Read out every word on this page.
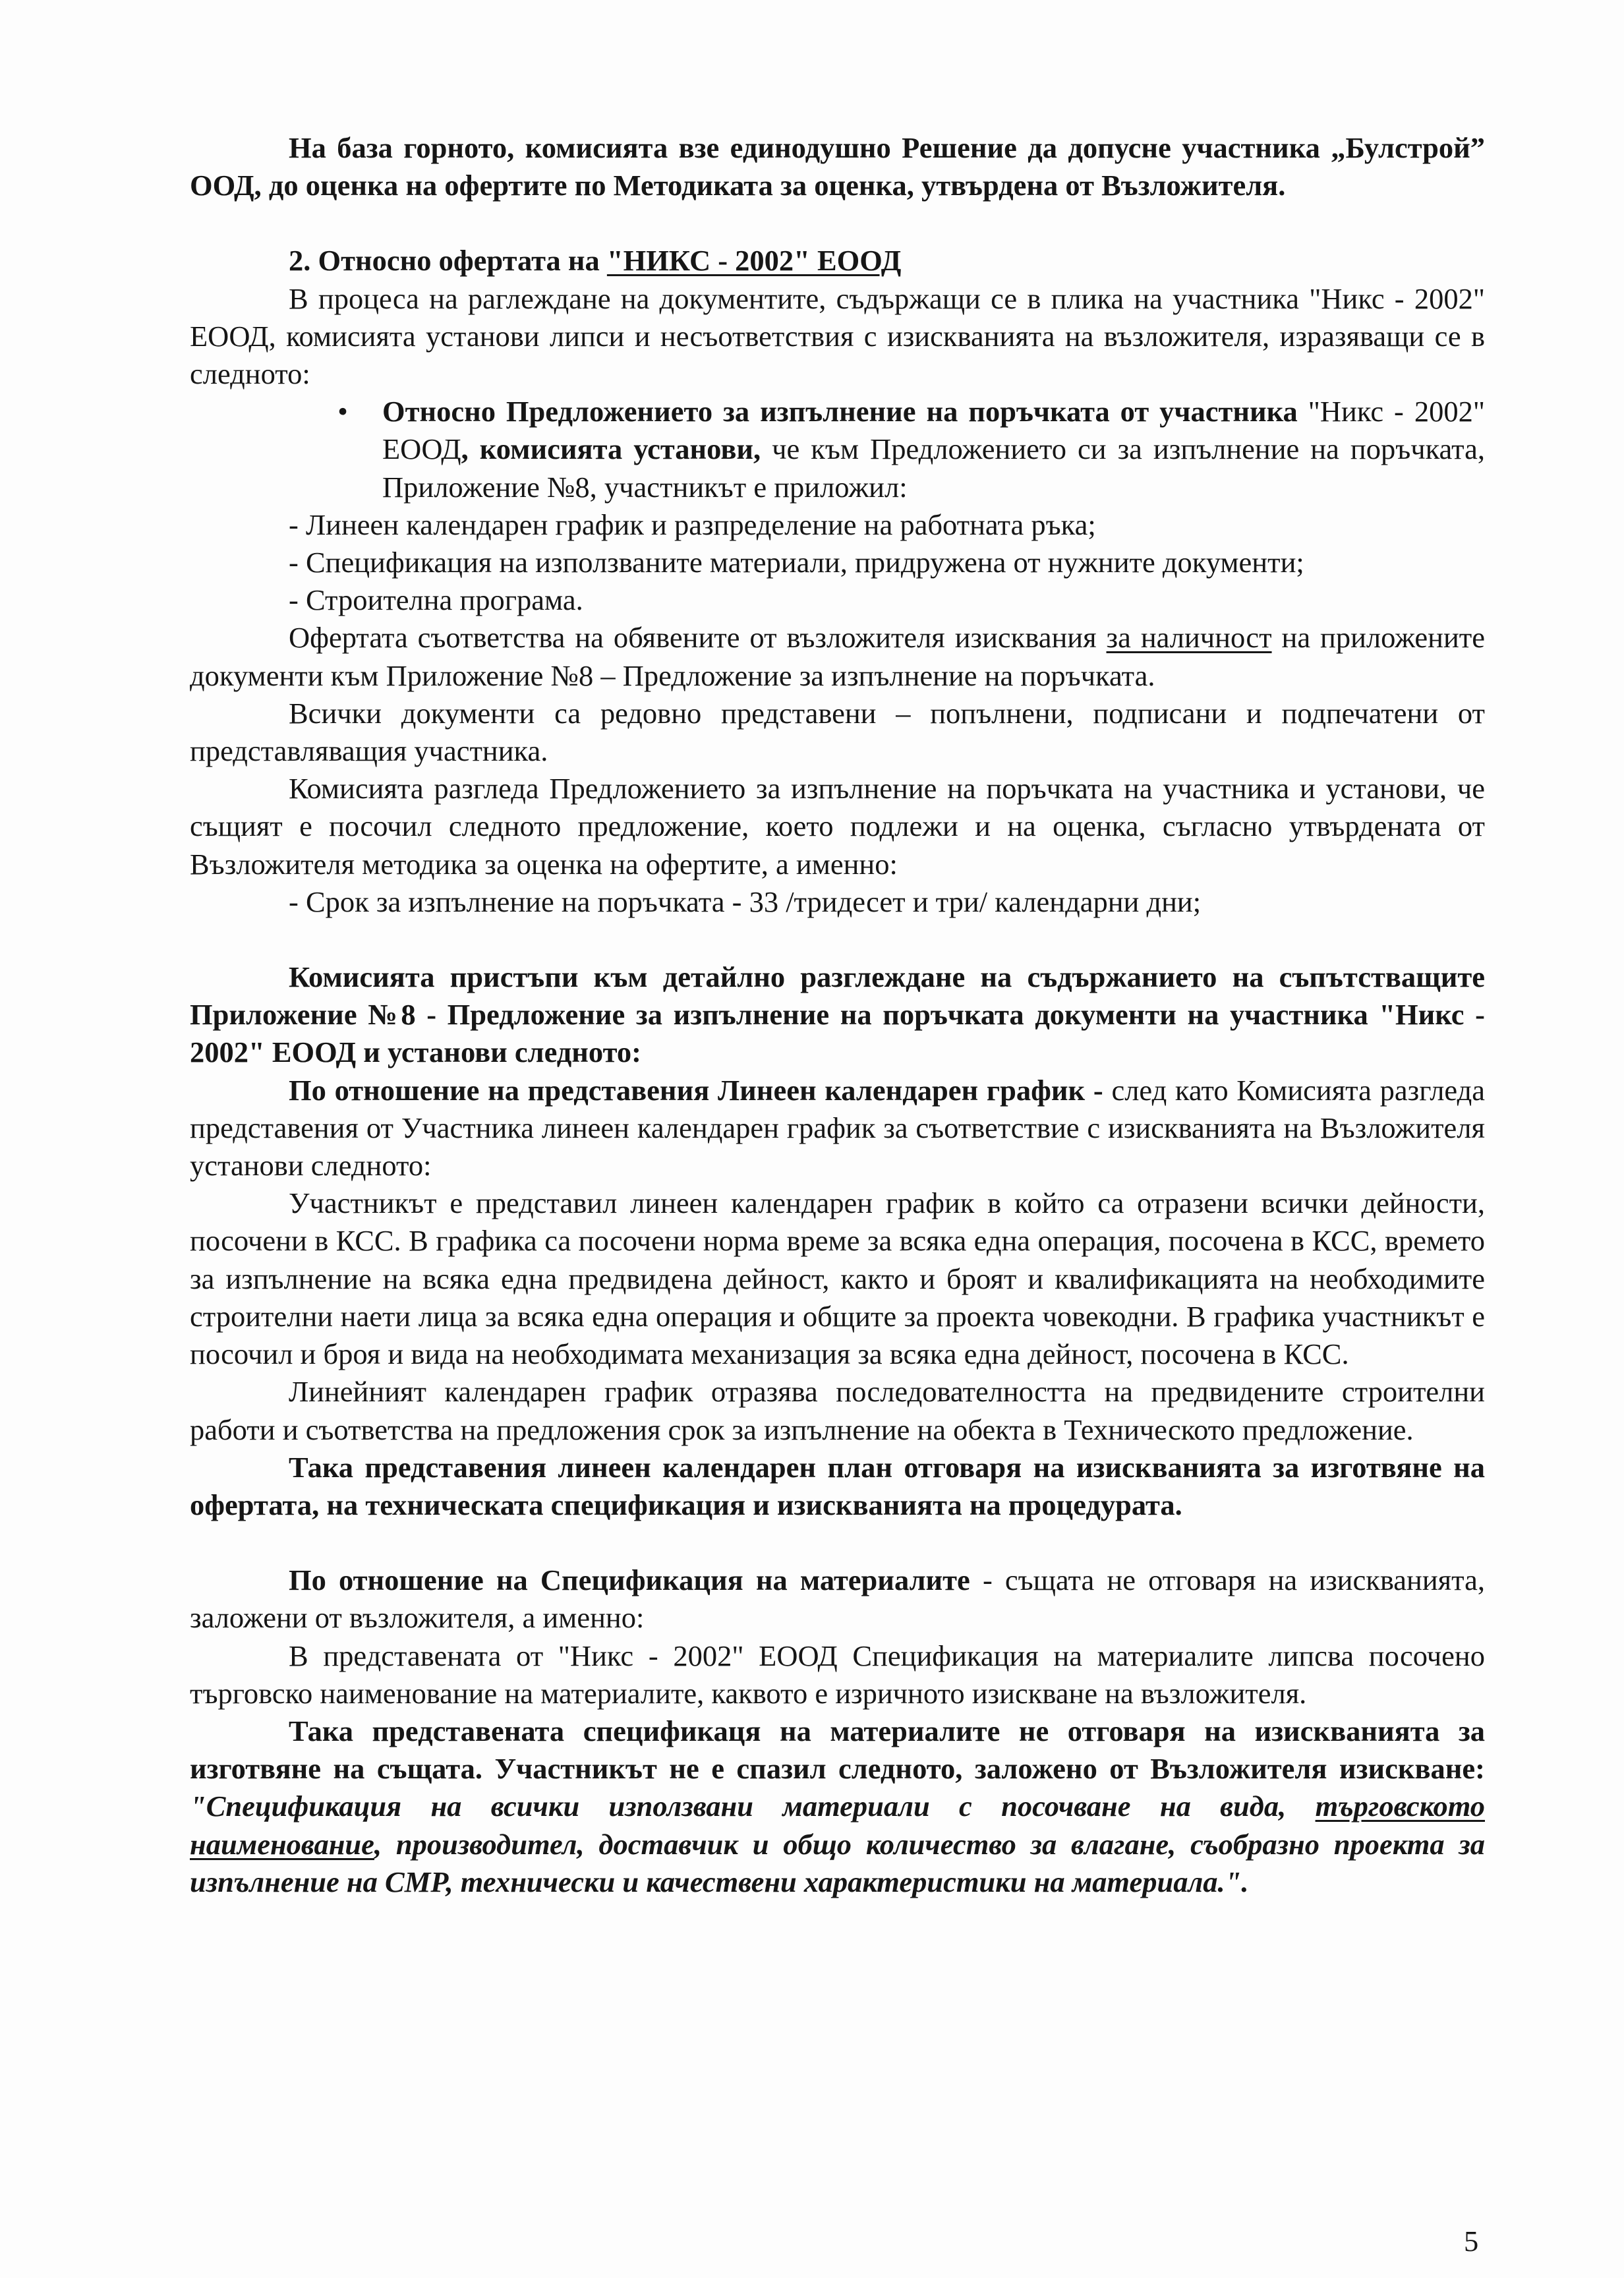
На база горното, комисията взе единодушно Решение да допусне участника „Булстрой” ООД, до оценка на офертите по Методиката за оценка, утвърдена от Възложителя.

2. Относно офертата на "НИКС - 2002" ЕООД

В процеса на раглеждане на документите, съдържащи се в плика на участника "Никс - 2002" ЕООД, комисията установи липси и несъответствия с изискванията на възложителя, изразяващи се в следното:

• Относно Предложението за изпълнение на поръчката от участника "Никс - 2002" ЕООД, комисията установи, че към Предложението си за изпълнение на поръчката, Приложение №8, участникът е приложил:

- Линеен календарен график и разпределение на работната ръка;

- Спецификация на използваните материали, придружена от нужните документи;

- Строителна програма.

Офертата съответства на обявените от възложителя изисквания за наличност на приложените документи към Приложение №8 – Предложение за изпълнение на поръчката.

Всички документи са редовно представени – попълнени, подписани и подпечатени от представляващия участника.

Комисията разгледа Предложението за изпълнение на поръчката на участника и установи, че същият е посочил следното предложение, което подлежи и на оценка, съгласно утвърдената от Възложителя методика за оценка на офертите, а именно:

- Срок за изпълнение на поръчката - 33 /тридесет и три/ календарни дни;

Комисията пристъпи към детайлно разглеждане на съдържанието на съпътстващите Приложение №8 - Предложение за изпълнение на поръчката документи на участника "Никс - 2002" ЕООД и установи следното:

По отношение на представения Линеен календарен график - след като Комисията разгледа представения от Участника линеен календарен график за съответствие с изискванията на Възложителя установи следното:

Участникът е представил линеен календарен график в който са отразени всички дейности, посочени в КСС. В графика са посочени норма време за всяка една операция, посочена в КСС, времето за изпълнение на всяка една предвидена дейност, както и броят и квалификацията на необходимите строителни наети лица за всяка една операция и общите за проекта човекодни. В графика участникът е посочил и броя и вида на необходимата механизация за всяка една дейност, посочена в КСС.

Линейният календарен график отразява последователността на предвидените строителни работи и съответства на предложения срок за изпълнение на обекта в Техническото предложение.

Така представения линеен календарен план отговаря на изискванията за изготвяне на офертата, на техническата спецификация и изискванията на процедурата.

По отношение на Спецификация на материалите - същата не отговаря на изискванията, заложени от възложителя, а именно:

В представената от "Никс - 2002" ЕООД Спецификация на материалите липсва посочено търговско наименование на материалите, каквото е изричното изискване на възложителя.

Така представената спецификаця на материалите не отговаря на изискванията за изготвяне на същата. Участникът не е спазил следното, заложено от Възложителя изискване: "Спецификация на всички използвани материали с посочване на вида, търговското наименование, производител, доставчик и общо количество за влагане, съобразно проекта за изпълнение на СМР, технически и качествени характеристики на материала.".

5
